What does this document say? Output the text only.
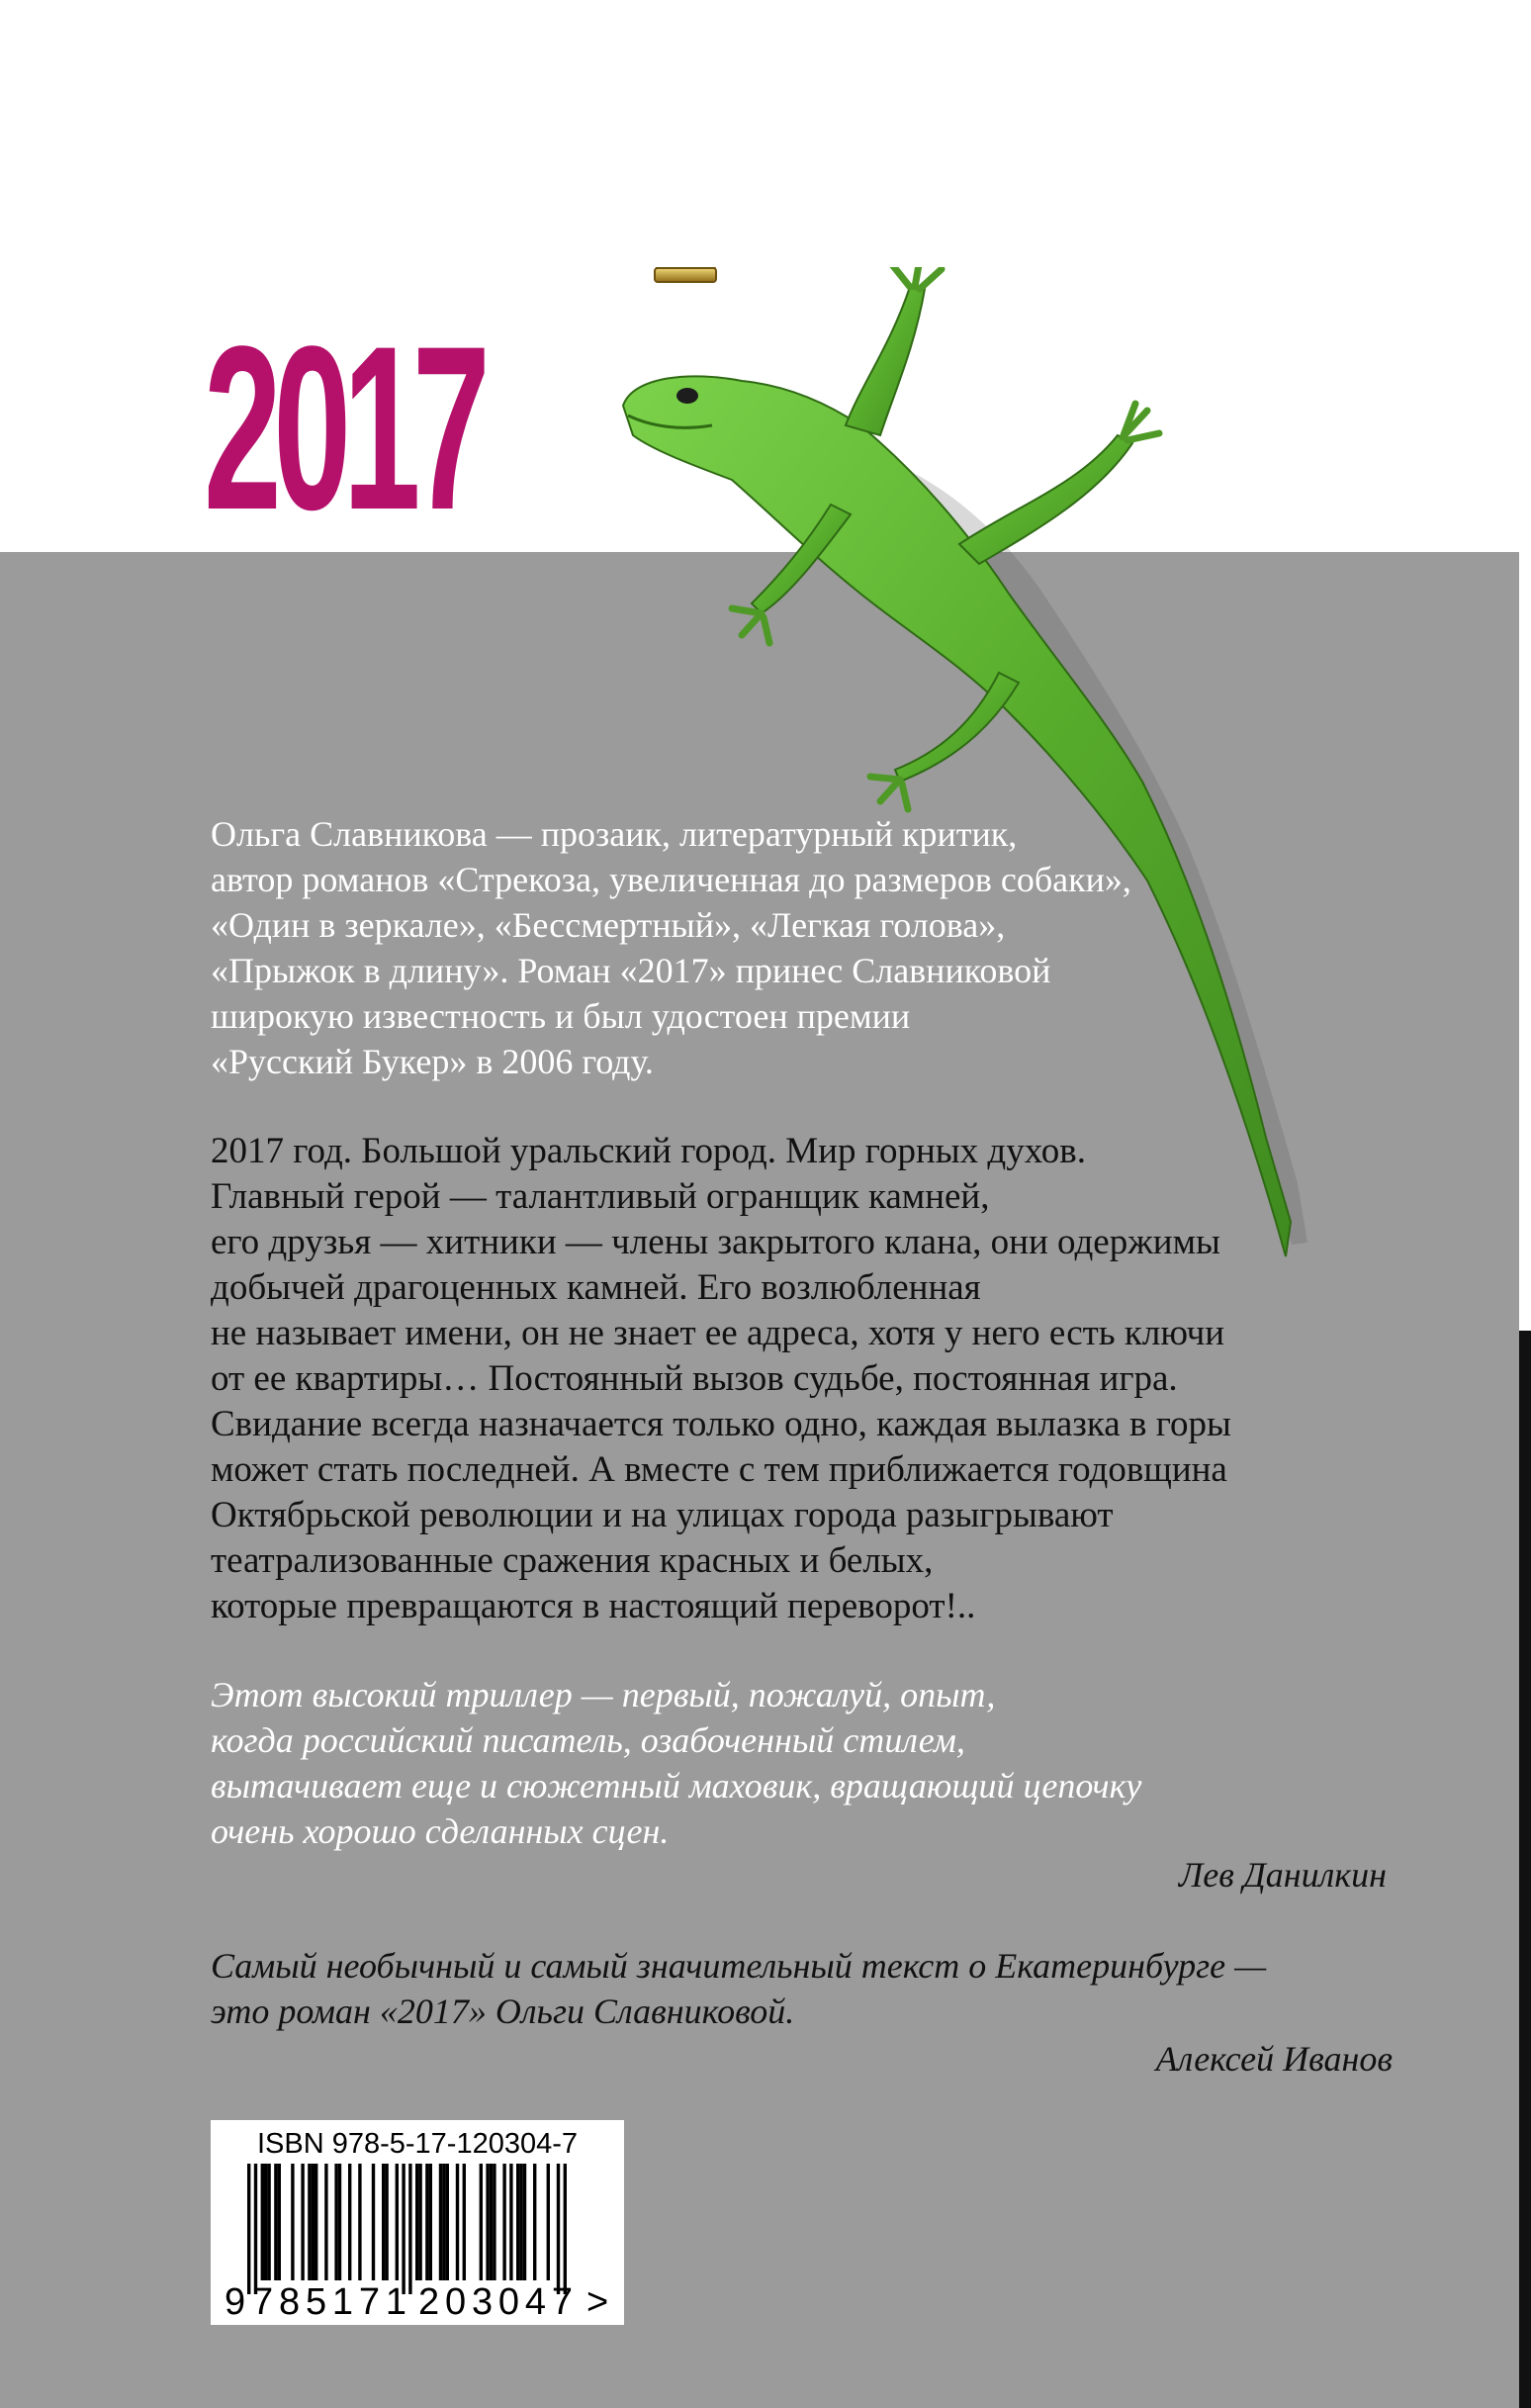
2017

Ольга Славникова — прозаик, литературный критик,
автор романов «Стрекоза, увеличенная до размеров собаки»,
«Один в зеркале», «Бессмертный», «Легкая голова»,
«Прыжок в длину». Роман «2017» принес Славниковой
широкую известность и был удостоен премии
«Русский Букер» в 2006 году.

2017 год. Большой уральский город. Мир горных духов.
Главный герой — талантливый огранщик камней,
его друзья — хитники — члены закрытого клана, они одержимы
добычей драгоценных камней. Его возлюбленная
не называет имени, он не знает ее адреса, хотя у него есть ключи
от ее квартиры… Постоянный вызов судьбе, постоянная игра.
Свидание всегда назначается только одно, каждая вылазка в горы
может стать последней. А вместе с тем приближается годовщина
Октябрьской революции и на улицах города разыгрывают
театрализованные сражения красных и белых,
которые превращаются в настоящий переворот!..

Этот высокий триллер — первый, пожалуй, опыт,
когда российский писатель, озабоченный стилем,
вытачивает еще и сюжетный маховик, вращающий цепочку
очень хорошо сделанных сцен.

Лев Данилкин

Самый необычный и самый значительный текст о Екатеринбурге —
это роман «2017» Ольги Славниковой.

Алексей Иванов

ISBN 978-5-17-120304-7

9 785171 203047 >
